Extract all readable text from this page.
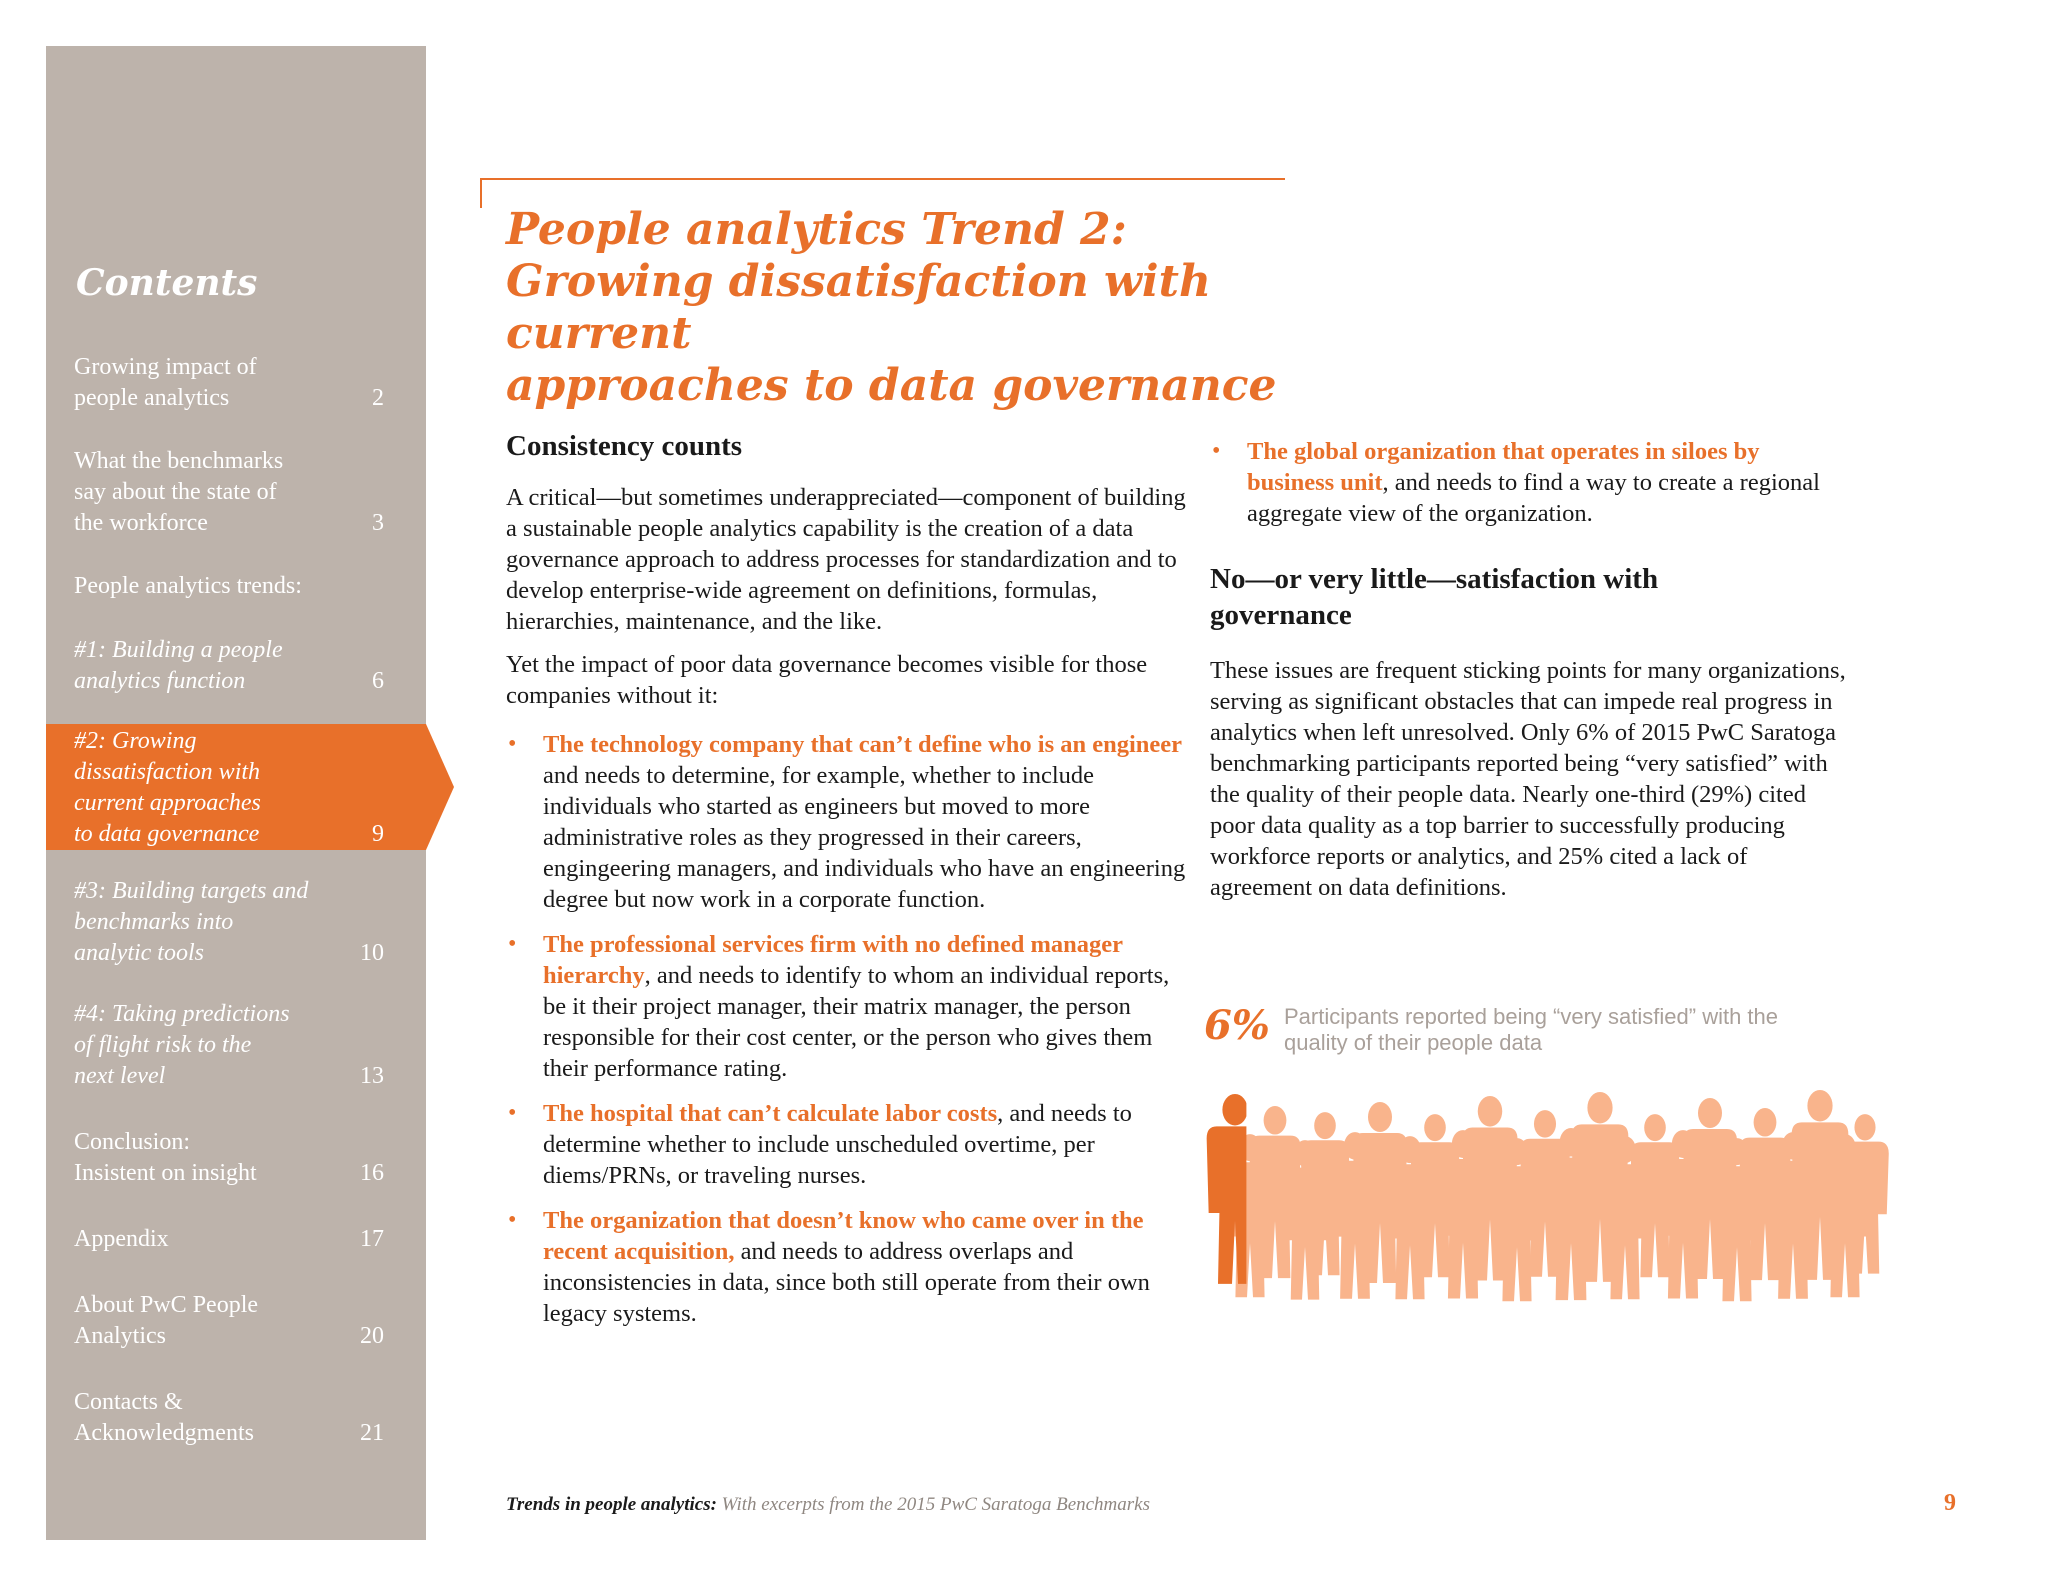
Contents
Growing impact of
people analytics	2
What the benchmarks
say about the state of
the workforce	3
People analytics trends:
#1: Building a people
analytics function	6
#2: Growing
dissatisfaction with
current approaches
to data governance	9
#3: Building targets and
benchmarks into
analytic tools	10
#4: Taking predictions
of flight risk to the
next level	13
Conclusion:
Insistent on insight	16
Appendix	17
About PwC People
Analytics	20
Contacts &
Acknowledgments	21
People analytics Trend 2:
Growing dissatisfaction with current
approaches to data governance
Consistency counts

A critical—but sometimes underappreciated—component of building a sustainable people analytics capability is the creation of a data governance approach to address processes for standardization and to develop enterprise-wide agreement on definitions, formulas, hierarchies, maintenance, and the like.

Yet the impact of poor data governance becomes visible for those companies without it:

• The technology company that can’t define who is an engineer and needs to determine, for example, whether to include individuals who started as engineers but moved to more administrative roles as they progressed in their careers, engingeering managers, and individuals who have an engineering degree but now work in a corporate function.
• The professional services firm with no defined manager hierarchy, and needs to identify to whom an individual reports, be it their project manager, their matrix manager, the person responsible for their cost center, or the person who gives them their performance rating.
• The hospital that can’t calculate labor costs, and needs to determine whether to include unscheduled overtime, per diems/PRNs, or traveling nurses.
• The organization that doesn’t know who came over in the recent acquisition, and needs to address overlaps and inconsistencies in data, since both still operate from their own legacy systems.
• The global organization that operates in siloes by business unit, and needs to find a way to create a regional aggregate view of the organization.
No—or very little—satisfaction with governance

These issues are frequent sticking points for many organizations, serving as significant obstacles that can impede real progress in analytics when left unresolved. Only 6% of 2015 PwC Saratoga benchmarking participants reported being “very satisfied” with the quality of their people data. Nearly one-third (29%) cited poor data quality as a top barrier to successfully producing workforce reports or analytics, and 25% cited a lack of agreement on data definitions.

6% Participants reported being “very satisfied” with the quality of their people data
Trends in people analytics: With excerpts from the 2015 PwC Saratoga Benchmarks	9
